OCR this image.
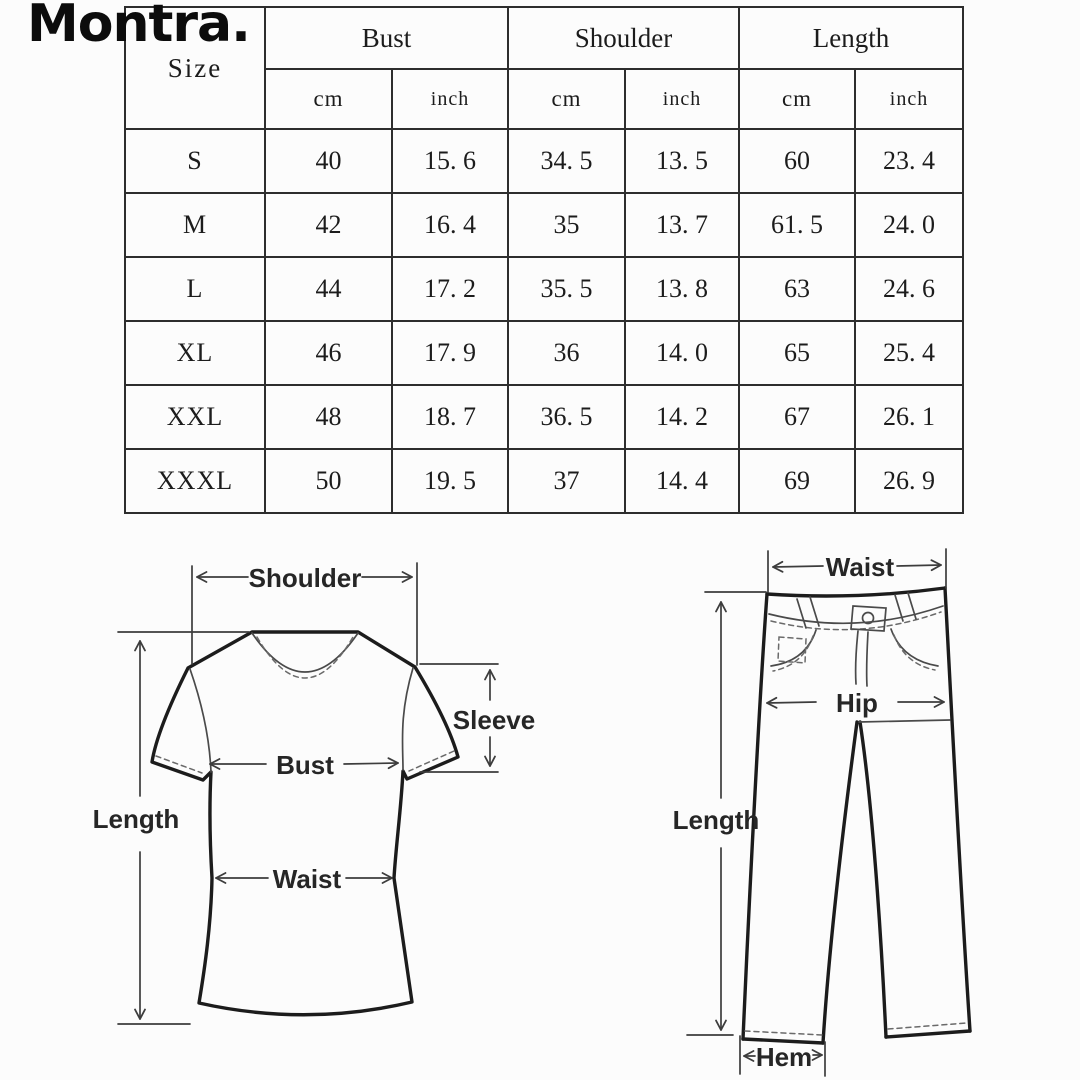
Montra.
Size	Bust		Shoulder		Length	
	cm	inch	cm	inch	cm	inch
S	40	15. 6	34. 5	13. 5	60	23. 4
M	42	16. 4	35	13. 7	61. 5	24. 0
L	44	17. 2	35. 5	13. 8	63	24. 6
XL	46	17. 9	36	14. 0	65	25. 4
XXL	48	18. 7	36. 5	14. 2	67	26. 1
XXXL	50	19. 5	37	14. 4	69	26. 9
Shoulder
Length
Sleeve
Bust
Waist
Waist
Length
Hip
Hem
